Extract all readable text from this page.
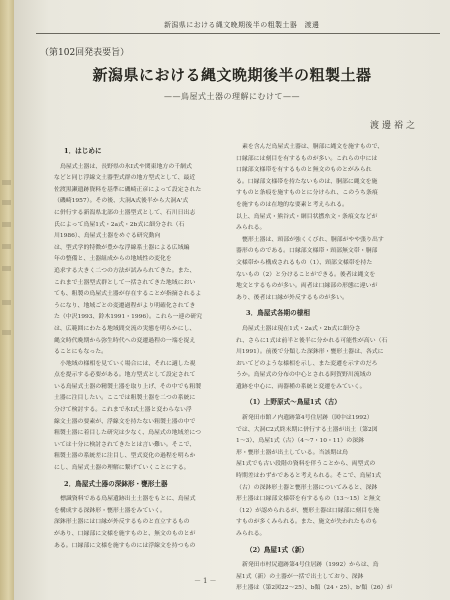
新潟県における縄文晩期後半の粗製土器　渡邊
（第102回発表要旨）
新潟県における縄文晩期後半の粗製土器
——鳥屋式土器の理解にむけて——
渡邊裕之
1．はじめに

鳥屋式土器は、長野県の氷Ⅰ式や関東地方の千網式

などと同じ浮線文土器型式群の地方型式として、最近

佐渡黒瀬遺跡資料を基準に磯崎正彦によって設定された

（磯崎1957）。その後、大洞A式後半から大洞A'式

に併行する新潟県北部の土器型式として、石川日出志

氏によって鳥屋1式・2a式・2b式に細分され（石

川1986）、鳥屋式土器をめぐる研究動向

は、型式学的特徴が豊かな浮線系土器による広域編

年の整備と、土器組成からの地域性の変化を

追求する大きく二つの方法が試みられてきた。また、

これまで土器型式群として一括されてきた地域におい

ても、粗製の鳥屋式土器が存在することが指摘されるよ

うになり、地域ごとの変遷過程がより明確化されてき

た（中沢1993、鈴木1991・1996）。これら一連の研究

は、広範囲にわたる地域間交流の実態を明らかにし、

縄文時代晩期から弥生時代への変遷過程の一端を捉え

ることにもなった。

小地域の様相を見ていく場合には、それに適した視

点を提示する必要がある。地方型式として設定されて

いる鳥屋式土器の精製土器を取り上げ、その中でも粗製

土器に注目したい。ここでは粗製土器を二つの系統に

分けて検討する。これまで氷Ⅰ式土器と変わらない浮

線文土器の要素が、浮線文を持たない粗製土器の中で

粗製土器に着目した研究は少なく、鳥屋式の地域差につ

いては十分に検討されてきたとは言い難い。そこで、

粗製土器の系統差に注目し、型式変化の過程を明らか

にし、鳥屋式土器の理解に繋げていくことにする。

2．鳥屋式土器の深鉢形・甕形土器

標識資料である鳥屋遺跡出土土器をもとに、鳥屋式

を構成する深鉢形・甕形土器をみていく。

深鉢形土器には口縁が外反するものと直立するもの

があり、口縁部に文様を施すものと、無文のものとが

ある。口縁部に文様を施すものには浮線文を持つもの

素を含んだ鳥屋式土器は、胴部に縄文を施すもので、

口縁部には刻目を有するものが多い。これらの中には

口縁部文様帯を有するものと無文のものとがみられ

る。口縁部文様帯を持たないものは、胴部に縄文を施

すものと条痕を施すものとに分けられ、このうち条痕

を施すものは在地的な要素と考えられる。

以上、鳥屋式・熊谷式・網目状撚糸文・条痕文などが

みられる。

甕形土器は、頸部が強くくびれ、胴部がやや張り出す

器形のものである。口縁部文様帯・頸部無文帯・胴部

文様帯から構成されるもの（1）、頸部文様帯を持た

ないもの（2）と分けることができる。後者は縄文を

地文とするものが多い。両者は口縁部の形態に違いが

あり、後者は口縁が外反するものが多い。

3．鳥屋式各期の様相

鳥屋式土器は現在1式・2a式・2b式に細分さ

れ、さらに1式は前半と後半に分かれる可能性が高い（石

川1991）。前後で分類した深鉢形・甕形土器は、各式に

おいてどのような様相を示し、また変遷を示すのだろ

うか。鳥屋式の分布の中心とされる阿賀野川流域の

遺跡を中心に、両器種の系統と変遷をみていく。

（1）上野原式～鳥屋1式（古）

新発田市館ノ内遺跡第4号住居跡（図中は1992）

では、大洞C2式終末期に併行する土器が出土（第2図

1～3）、鳥屋1式（古）（4～7・10・11）の深鉢

形・甕形土器が出土している。当該期は鳥

屋1式でも古い段階の資料を伴うことから、両型式の

時期差はわずかであると考えられる。そこで、鳥屋1式

（古）の深鉢形土器と甕形土器についてみると、深鉢

形土器は口縁部文様帯を有するもの（13～15）と無文

（12）が認められるが、甕形土器は口縁部に刻目を施

すものが多くみられる。また、施文が失われたものも

みられる。

（2）鳥屋1式（新）

新発田市村尻遺跡第4号住居跡（1992）からは、鳥

屋1式（新）の土器が一括で出土しており、深鉢

形土器は（第2図22～25）、b類（24・25）、b'類（26）が

－1－
